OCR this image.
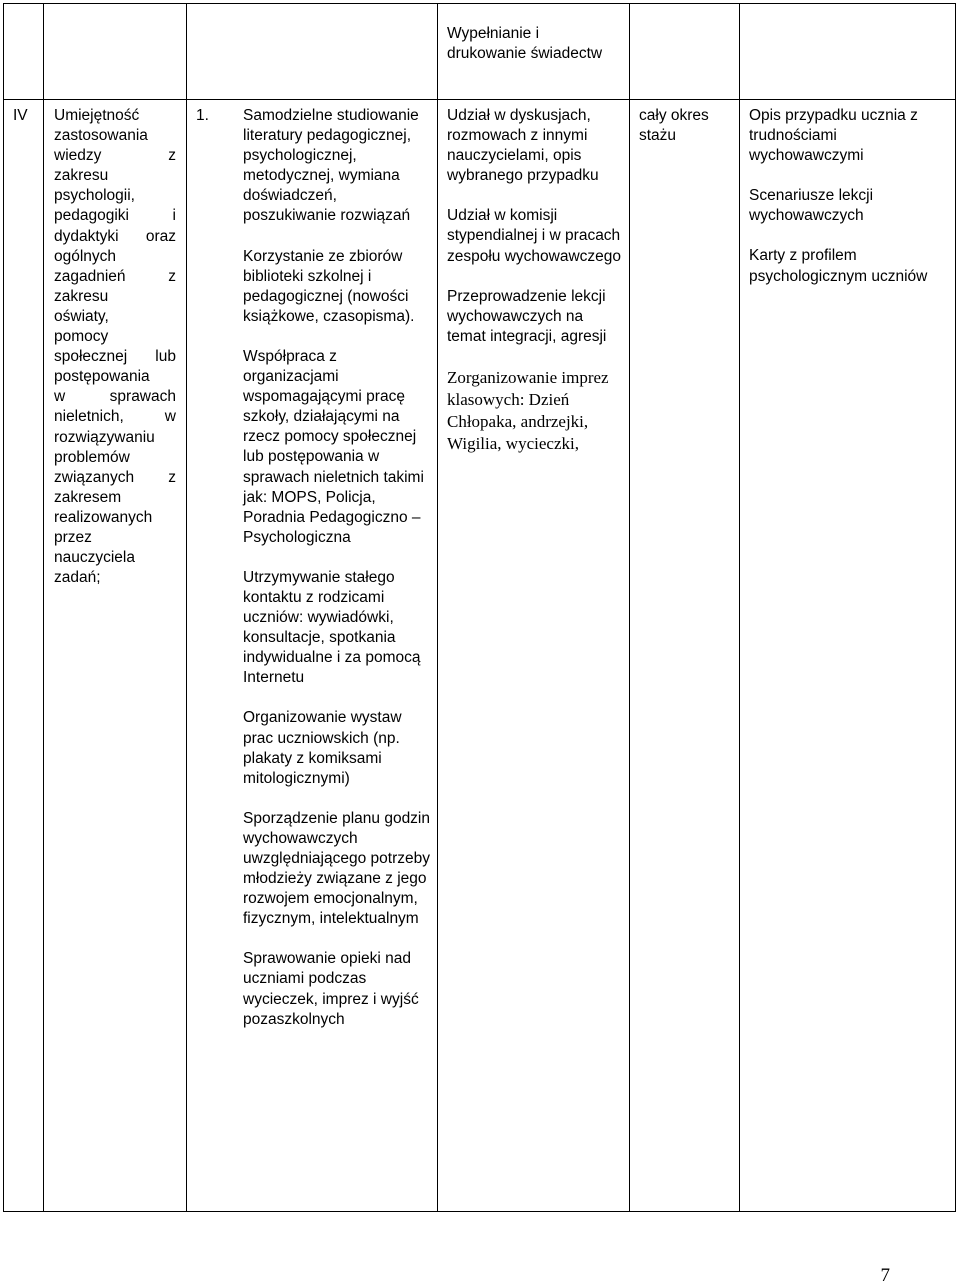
Wypełnianie i drukowanie świadectw
IV Umiejętność
zastosowania
wiedzy z
zakresu
psychologii,
pedagogiki i
dydaktyki oraz
ogólnych
zagadnień z
zakresu
oświaty,
pomocy
społecznej lub
postępowania
w sprawach
nieletnich, w
rozwiązywaniu
problemów
związanych z
zakresem
realizowanych
przez
nauczyciela
zadań;
1. Samodzielne studiowanie literatury pedagogicznej, psychologicznej, metodycznej, wymiana doświadczeń, poszukiwanie rozwiązań

Korzystanie ze zbiorów biblioteki szkolnej i pedagogicznej (nowości książkowe, czasopisma).

Współpraca z organizacjami wspomagającymi pracę szkoły, działającymi na rzecz pomocy społecznej lub postępowania w sprawach nieletnich takimi jak: MOPS, Policja, Poradnia Pedagogiczno – Psychologiczna

Utrzymywanie stałego kontaktu z rodzicami uczniów: wywiadówki, konsultacje, spotkania indywidualne i za pomocą Internetu

Organizowanie wystaw prac uczniowskich (np. plakaty z komiksami mitologicznymi)

Sporządzenie planu godzin wychowawczych uwzględniającego potrzeby młodzieży związane z jego rozwojem emocjonalnym, fizycznym, intelektualnym

Sprawowanie opieki nad uczniami podczas wycieczek, imprez i wyjść pozaszkolnych

Udział w dyskusjach, rozmowach z innymi nauczycielami, opis wybranego przypadku

Udział w komisji stypendialnej i w pracach zespołu wychowawczego

Przeprowadzenie lekcji wychowawczych na temat integracji, agresji

Zorganizowanie imprez klasowych: Dzień Chłopaka, andrzejki, Wigilia, wycieczki,

cały okres stażu

Opis przypadku ucznia z trudnościami wychowawczymi

Scenariusze lekcji wychowawczych

Karty z profilem psychologicznym uczniów

7
